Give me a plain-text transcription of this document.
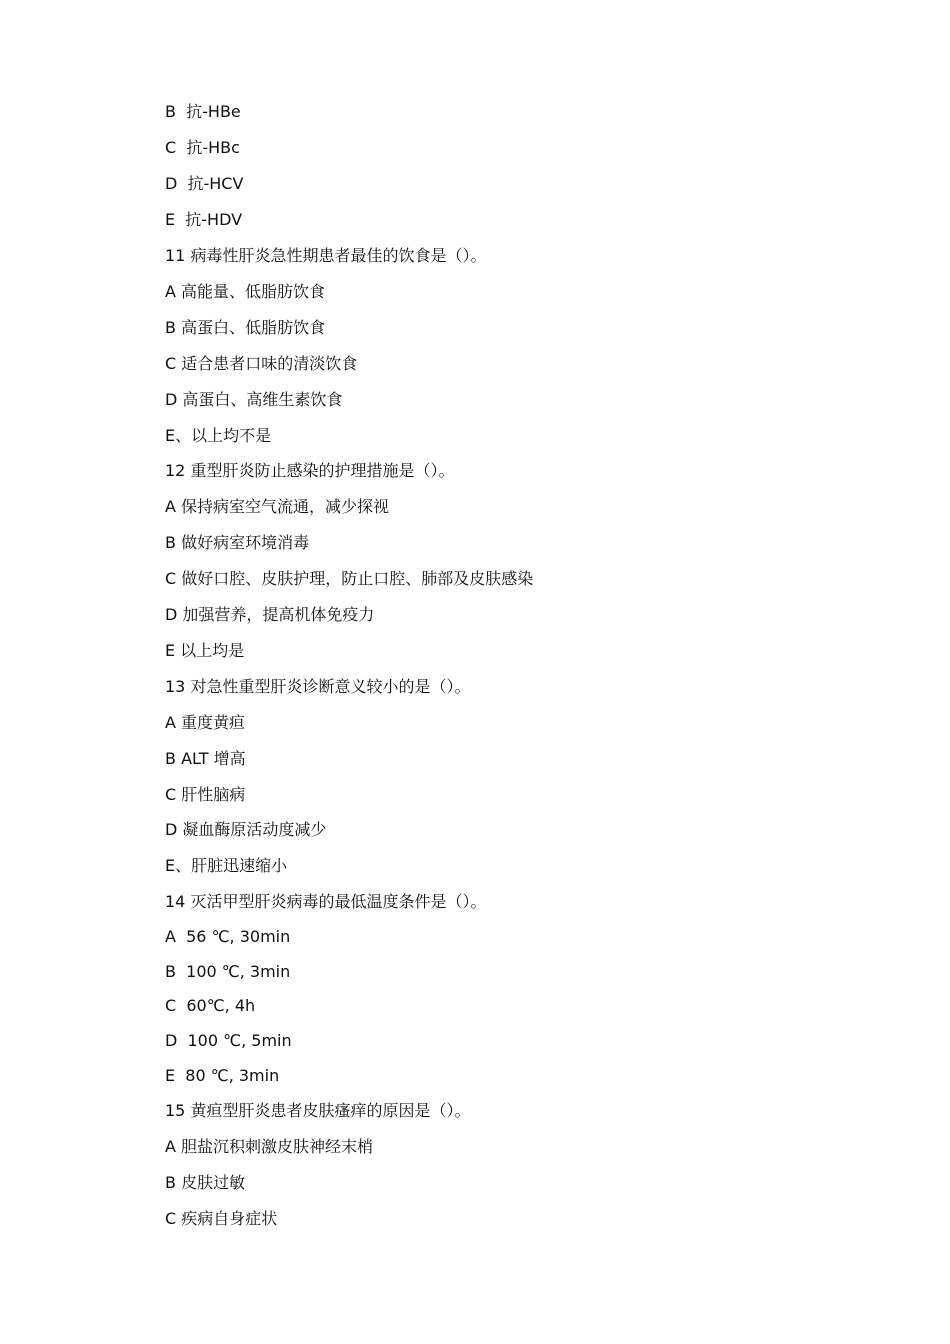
B  抗-HBe
C  抗-HBc
D  抗-HCV
E  抗-HDV
11 病毒性肝炎急性期患者最佳的饮食是（）。
A 高能量、低脂肪饮食
B 高蛋白、低脂肪饮食
C 适合患者口味的清淡饮食
D 高蛋白、高维生素饮食
E、以上均不是
12 重型肝炎防止感染的护理措施是（）。
A 保持病室空气流通，减少探视
B 做好病室环境消毒
C 做好口腔、皮肤护理，防止口腔、肺部及皮肤感染
D 加强营养，提高机体免疫力
E 以上均是
13 对急性重型肝炎诊断意义较小的是（）。
A 重度黄疸
B ALT 增高
C 肝性脑病
D 凝血酶原活动度减少
E、肝脏迅速缩小
14 灭活甲型肝炎病毒的最低温度条件是（）。
A  56 ℃, 30min
B  100 ℃, 3min
C  60℃, 4h
D  100 ℃, 5min
E  80 ℃, 3min
15 黄疸型肝炎患者皮肤瘙痒的原因是（）。
A 胆盐沉积刺激皮肤神经末梢
B 皮肤过敏
C 疾病自身症状
